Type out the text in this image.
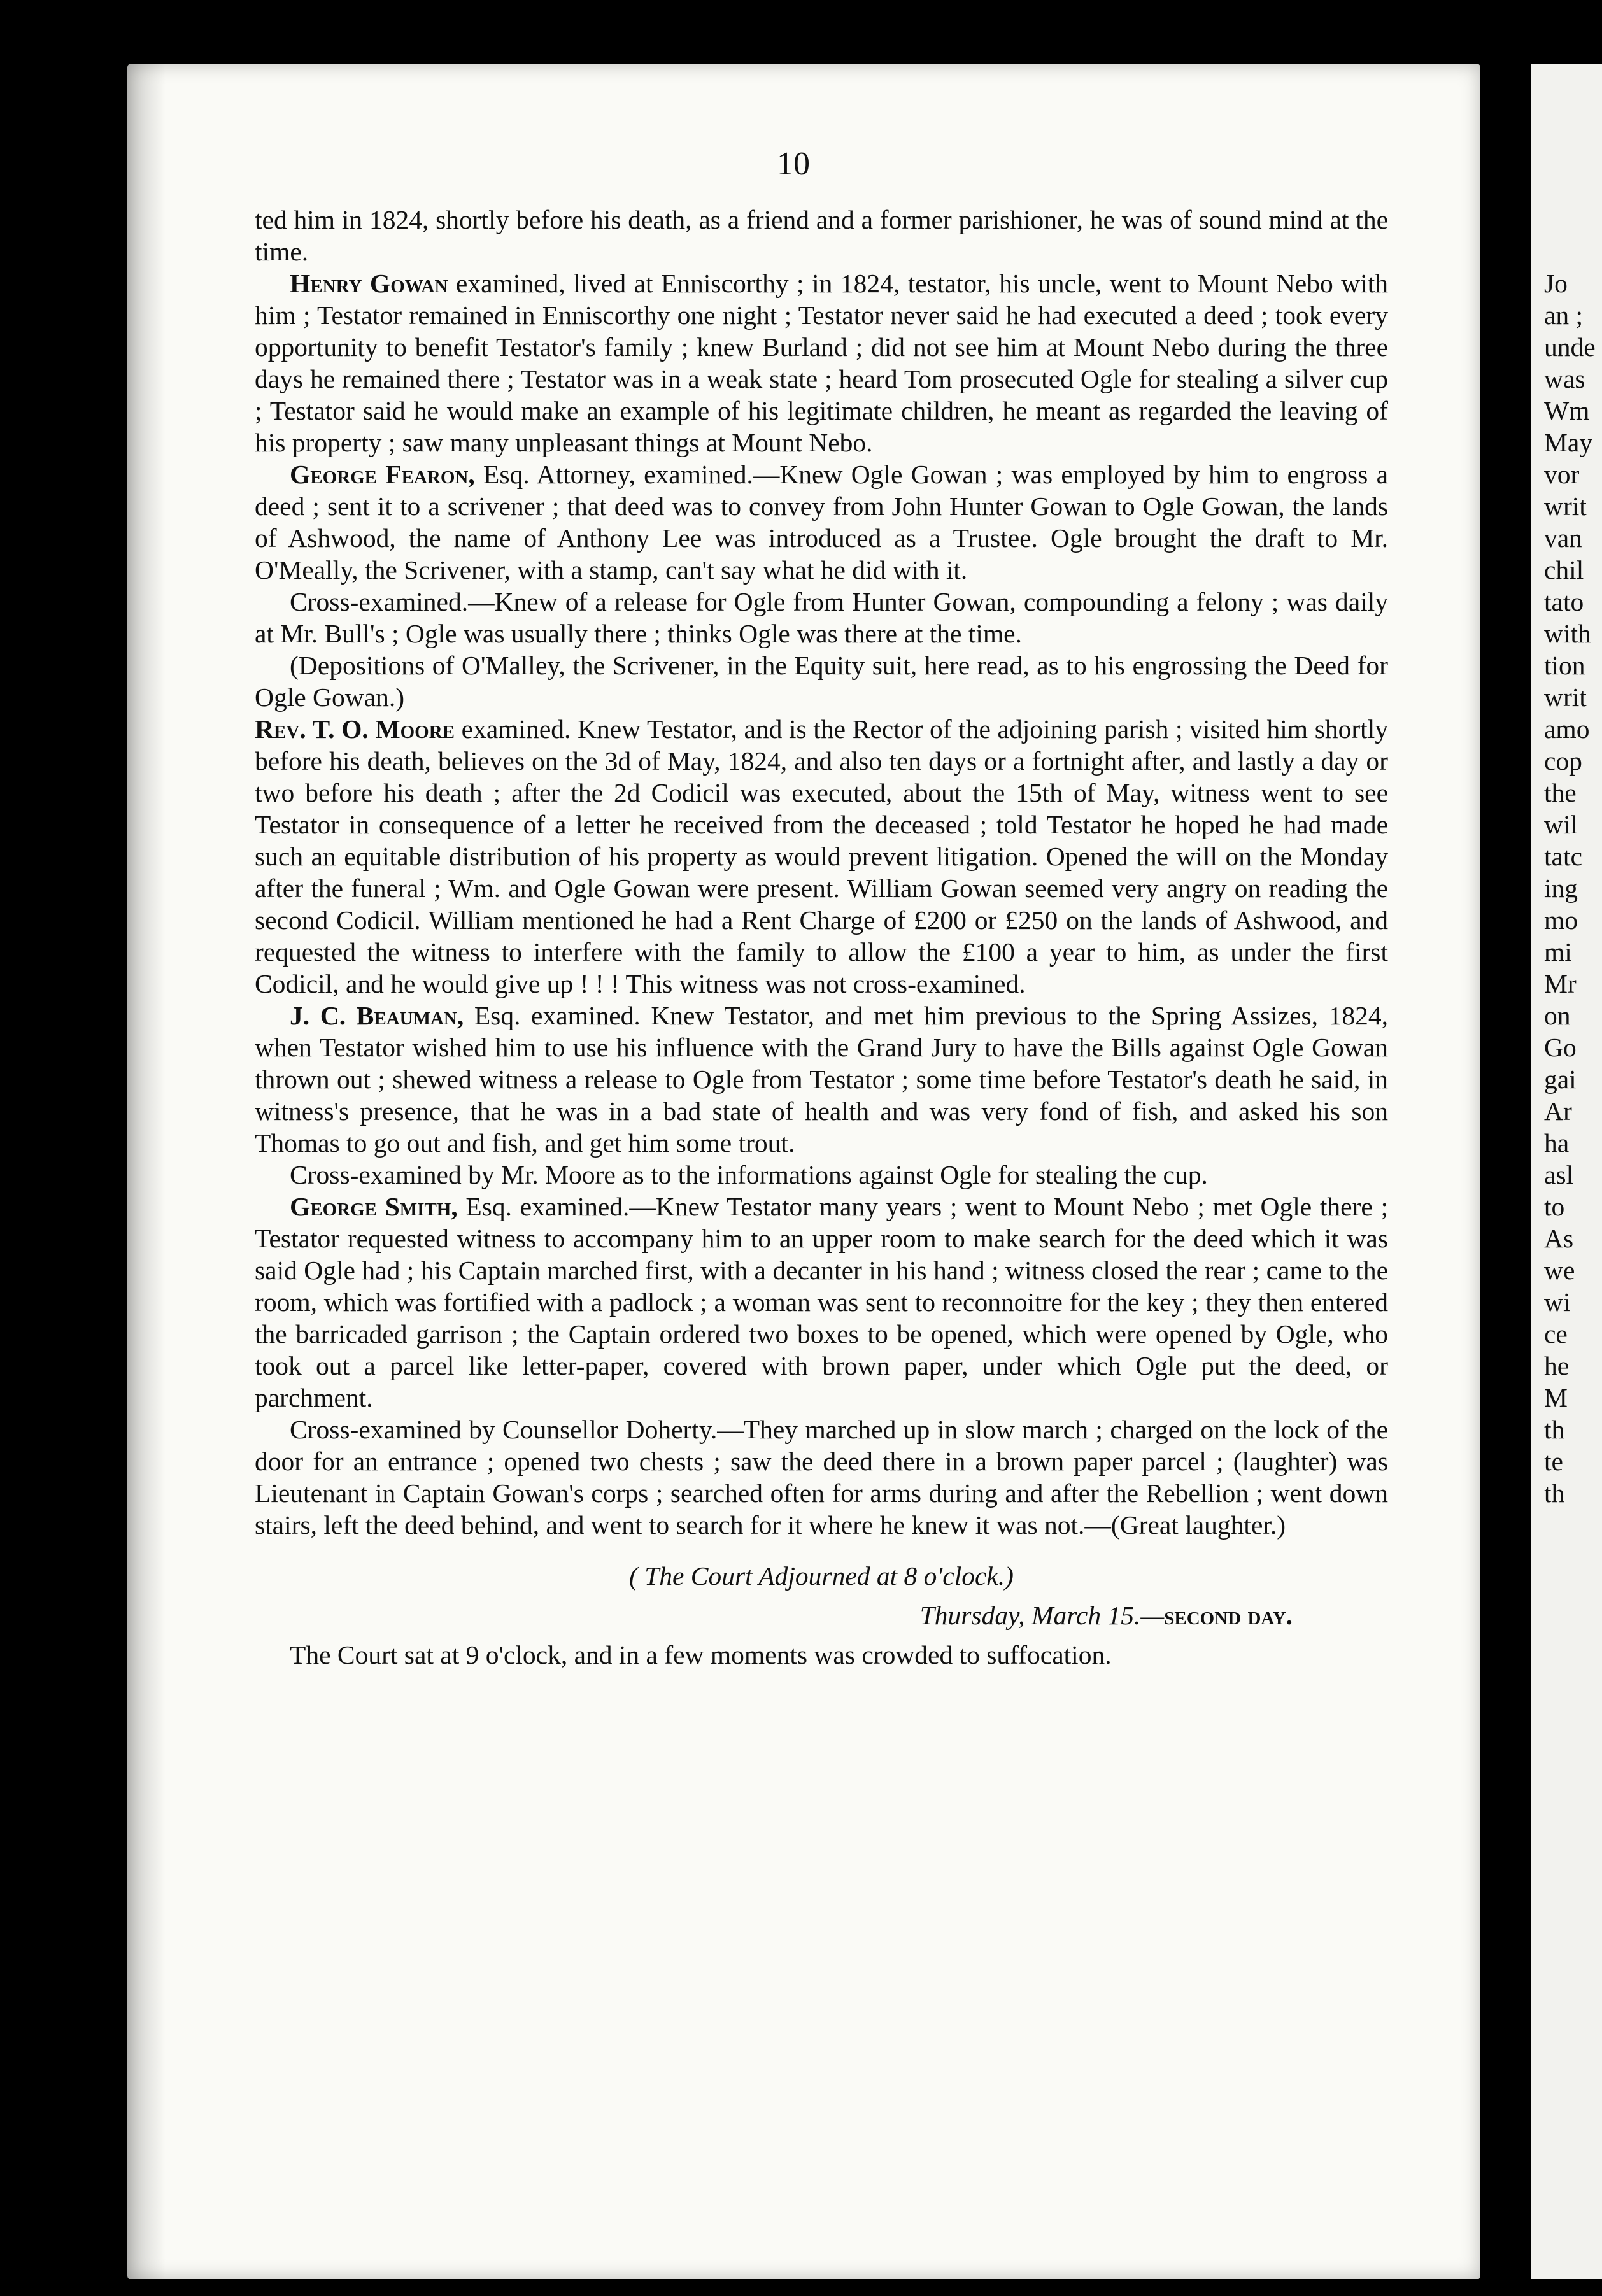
10

ted him in 1824, shortly before his death, as a friend and a former parishioner, he was of sound mind at the time.

Henry Gowan examined, lived at Enniscorthy ; in 1824, testator, his uncle, went to Mount Nebo with him ; Testator remained in Enniscorthy one night ; Testator never said he had executed a deed ; took every opportunity to benefit Testator's family ; knew Burland ; did not see him at Mount Nebo during the three days he remained there ; Testator was in a weak state ; heard Tom prosecuted Ogle for stealing a silver cup ; Testator said he would make an example of his legitimate children, he meant as regarded the leaving of his property ; saw many unpleasant things at Mount Nebo.

George Fearon, Esq. Attorney, examined.—Knew Ogle Gowan ; was employed by him to engross a deed ; sent it to a scrivener ; that deed was to convey from John Hunter Gowan to Ogle Gowan, the lands of Ashwood, the name of Anthony Lee was introduced as a Trustee. Ogle brought the draft to Mr. O'Meally, the Scrivener, with a stamp, can't say what he did with it.

Cross-examined.—Knew of a release for Ogle from Hunter Gowan, compounding a felony ; was daily at Mr. Bull's ; Ogle was usually there ; thinks Ogle was there at the time.

(Depositions of O'Malley, the Scrivener, in the Equity suit, here read, as to his engrossing the Deed for Ogle Gowan.)

Rev. T. O. Moore examined. Knew Testator, and is the Rector of the adjoining parish ; visited him shortly before his death, believes on the 3d of May, 1824, and also ten days or a fortnight after, and lastly a day or two before his death ; after the 2d Codicil was executed, about the 15th of May, witness went to see Testator in consequence of a letter he received from the deceased ; told Testator he hoped he had made such an equitable distribution of his property as would prevent litigation. Opened the will on the Monday after the funeral ; Wm. and Ogle Gowan were present. William Gowan seemed very angry on reading the second Codicil. William mentioned he had a Rent Charge of £200 or £250 on the lands of Ashwood, and requested the witness to interfere with the family to allow the £100 a year to him, as under the first Codicil, and he would give up ! ! ! This witness was not cross-examined.

J. C. Beauman, Esq. examined. Knew Testator, and met him previous to the Spring Assizes, 1824, when Testator wished him to use his influence with the Grand Jury to have the Bills against Ogle Gowan thrown out ; shewed witness a release to Ogle from Testator ; some time before Testator's death he said, in witness's presence, that he was in a bad state of health and was very fond of fish, and asked his son Thomas to go out and fish, and get him some trout.

Cross-examined by Mr. Moore as to the informations against Ogle for stealing the cup.

George Smith, Esq. examined.—Knew Testator many years ; went to Mount Nebo ; met Ogle there ; Testator requested witness to accompany him to an upper room to make search for the deed which it was said Ogle had ; his Captain marched first, with a decanter in his hand ; witness closed the rear ; came to the room, which was fortified with a padlock ; a woman was sent to reconnoitre for the key ; they then entered the barricaded garrison ; the Captain ordered two boxes to be opened, which were opened by Ogle, who took out a parcel like letter-paper, covered with brown paper, under which Ogle put the deed, or parchment.

Cross-examined by Counsellor Doherty.—They marched up in slow march ; charged on the lock of the door for an entrance ; opened two chests ; saw the deed there in a brown paper parcel ; (laughter) was Lieutenant in Captain Gowan's corps ; searched often for arms during and after the Rebellion ; went down stairs, left the deed behind, and went to search for it where he knew it was not.—(Great laughter.)

( The Court Adjourned at 8 o'clock.)

Thursday, March 15.—second day.

The Court sat at 9 o'clock, and in a few moments was crowded to suffocation.

Jo
an ;
unde
was
Wm
May
vor
writ
van
chil
tato
with
tion
writ
amo
cop
the
wil
tatc
ing
mo
mi
Mr
on
Go
gai
Ar
ha
asl
to
As
we
wi
ce
he
M
th
te
th
